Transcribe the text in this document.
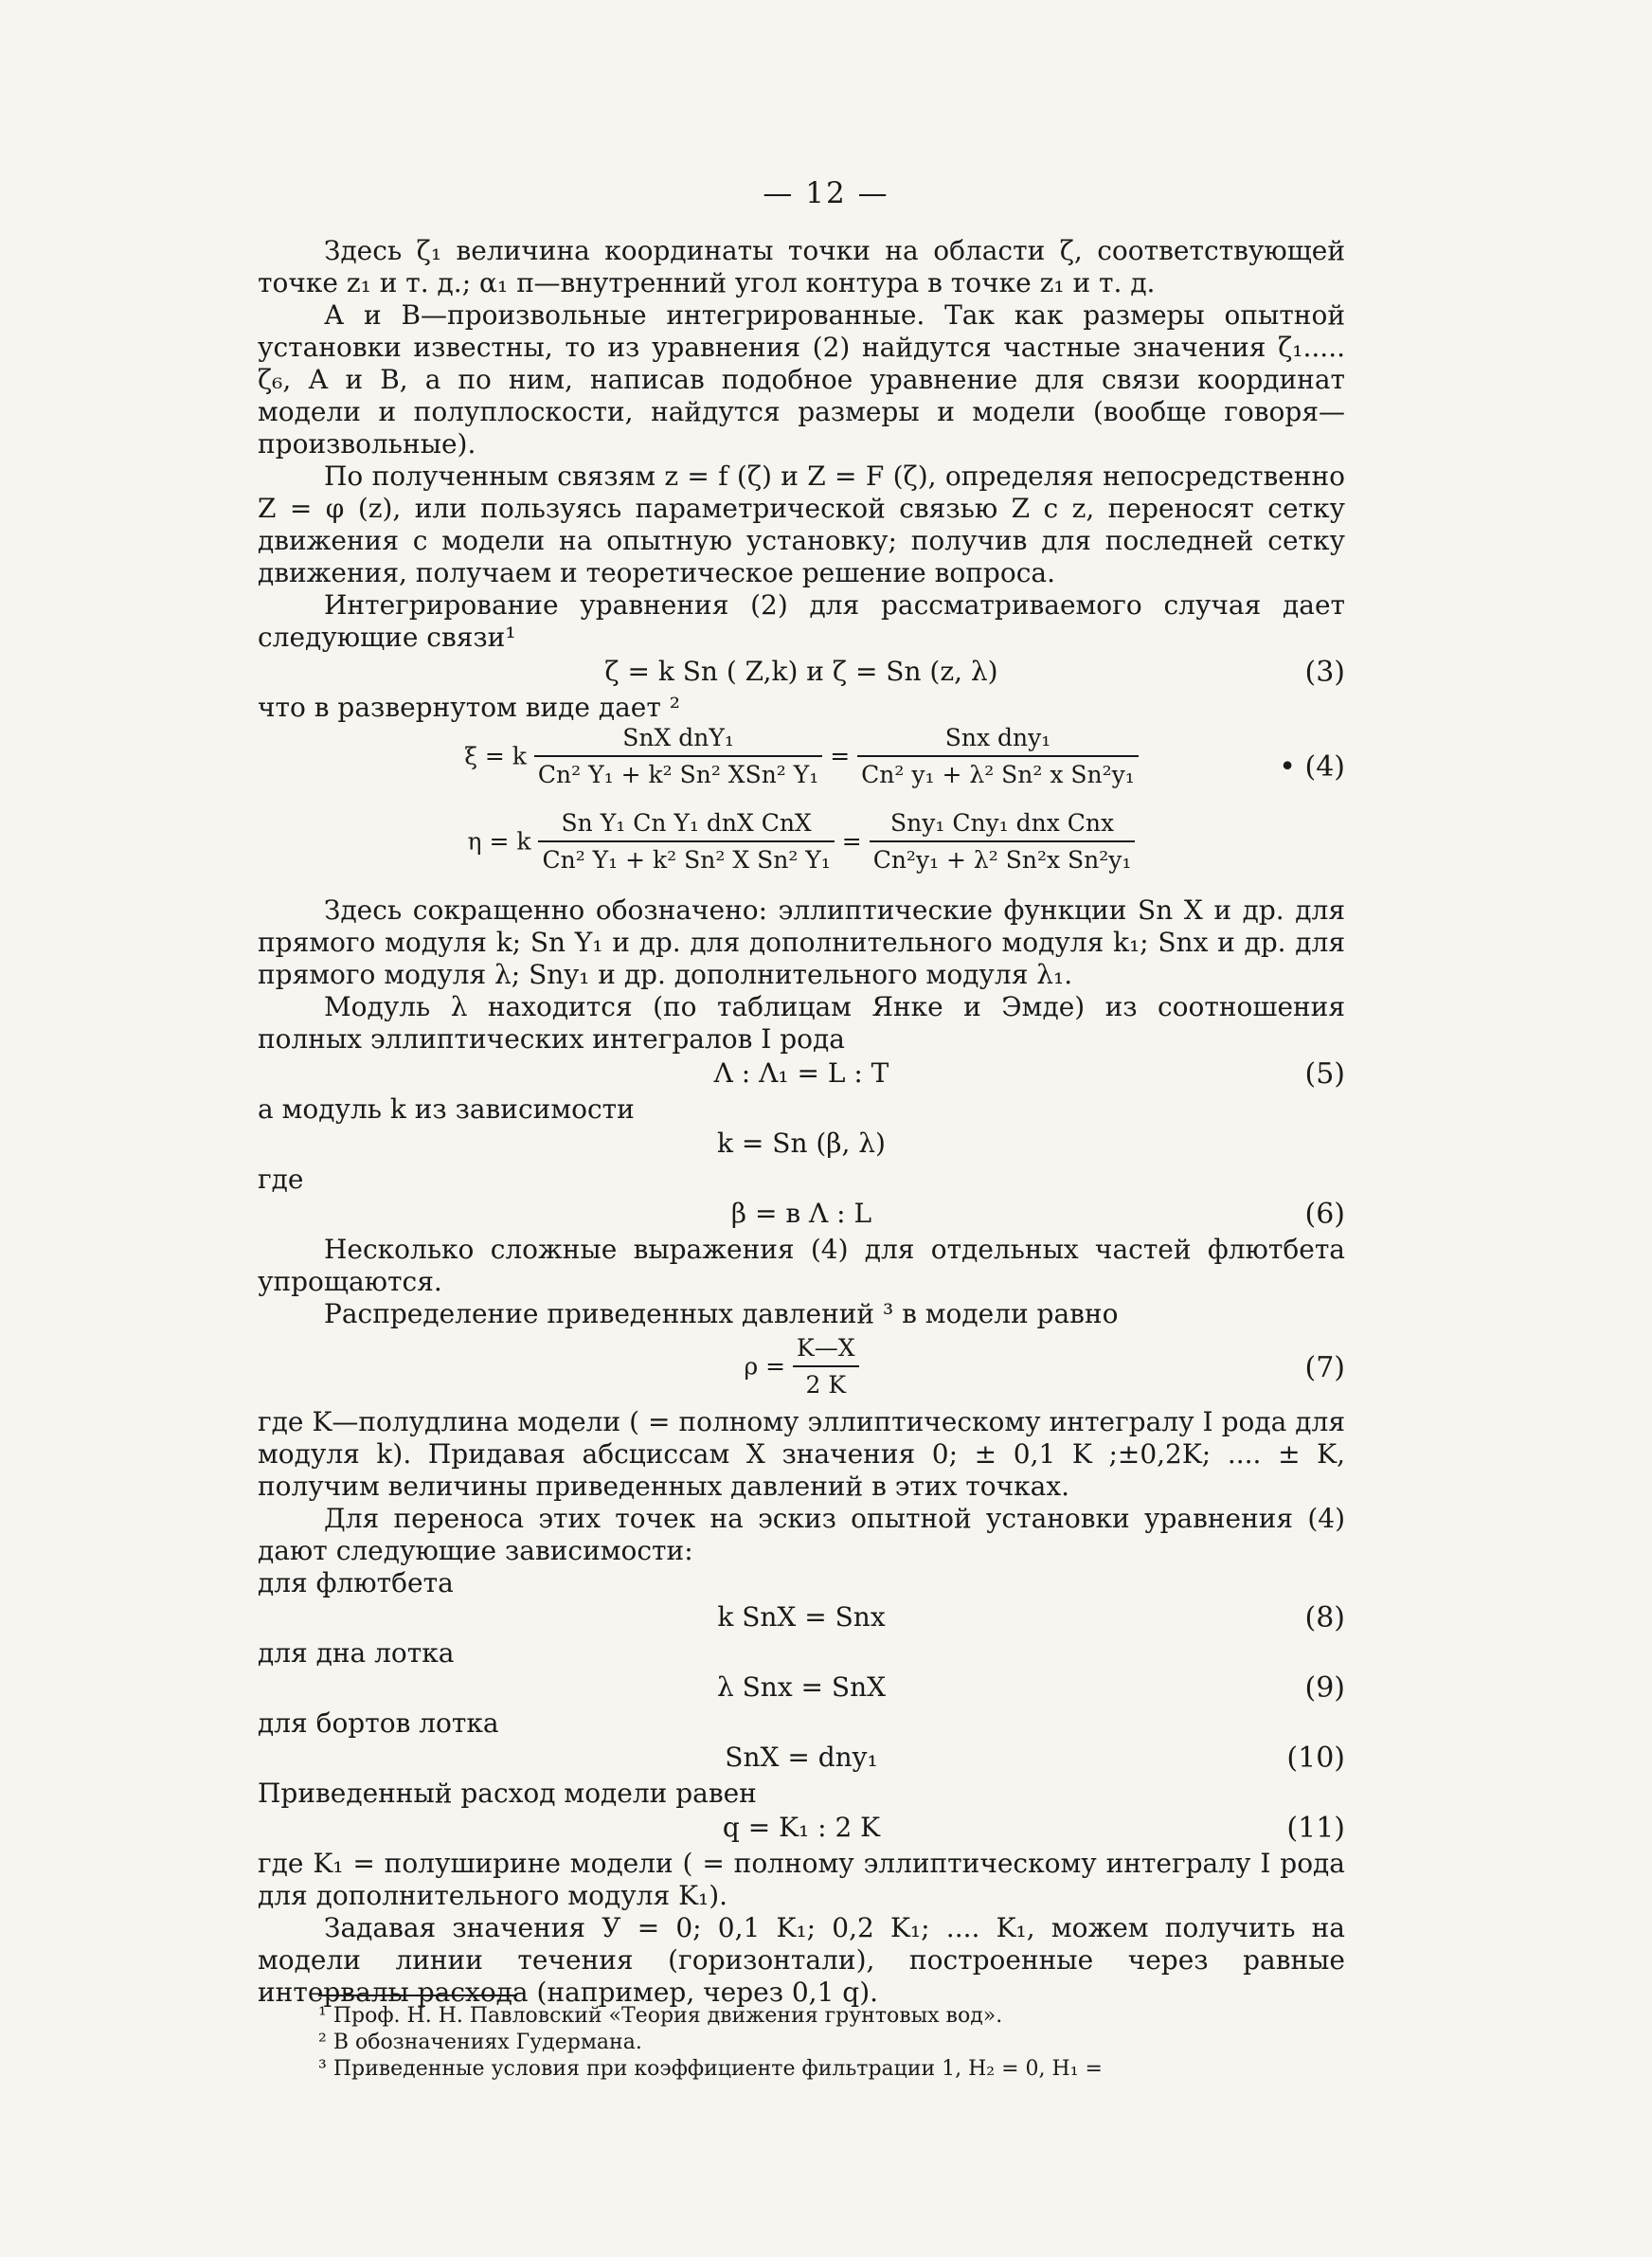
— 12 —

Здесь ζ₁ величина координаты точки на области ζ, соответствующей точке z₁ и т. д.; α₁ π—внутренний угол контура в точке z₁ и т. д.

А и В—произвольные интегрированные. Так как размеры опытной установки известны, то из уравнения (2) найдутся частные значения ζ₁..... ζ₆, А и В, а по ним, написав подобное уравнение для связи координат модели и полуплоскости, найдутся размеры и модели (вообще говоря—произвольные).

По полученным связям z = f (ζ) и Z = F (ζ), определяя непосредственно Z = φ (z), или пользуясь параметрической связью Z с z, переносят сетку движения с модели на опытную установку; получив для последней сетку движения, получаем и теоретическое решение вопроса.

Интегрирование уравнения (2) для рассматриваемого случая дает следующие связи¹

ζ = k Sn ( Z,k) и ζ = Sn (z, λ)	(3)

что в развернутом виде дает ²

ξ = k $\frac{\text{SnX dnY₁}}{\text{Cn² Y₁ + k² Sn² XSn² Y₁}} = \frac{\text{Snx dny₁}}{\text{Cn² y₁ + λ² Sn² x Sn²y₁}}$	• (4)
η = k $\frac{\text{Sn Y₁ Cn Y₁ dnX CnX}}{\text{Cn² Y₁ + k² Sn² X Sn² Y₁}} = \frac{\text{Sny₁ Cny₁ dnx Cnx}}{\text{Cn²y₁ + λ² Sn²x Sn²y₁}}$

Здесь сокращенно обозначено: эллиптические функции Sn X и др. для прямого модуля k; Sn Y₁ и др. для дополнительного модуля k₁; Snx и др. для прямого модуля λ; Sny₁ и др. дополнительного модуля λ₁.

Модуль λ находится (по таблицам Янке и Эмде) из соотношения полных эллиптических интегралов I рода

Λ : Λ₁ = L : T	(5)

а модуль k из зависимости

k = Sn (β, λ)

где

β = в Λ : L	(6)

Несколько сложные выражения (4) для отдельных частей флютбета упрощаются.

Распределение приведенных давлений ³ в модели равно

$\rho = \frac{K—X}{2 K}$	(7)

где K—полудлина модели ( = полному эллиптическому интегралу I рода для модуля k). Придавая абсциссам X значения 0; ± 0,1 K ;±0,2K; .... ± K, получим величины приведенных давлений в этих точках.

Для переноса этих точек на эскиз опытной установки уравнения (4) дают следующие зависимости:

для флютбета

k SnX = Snx	(8)

для дна лотка

λ Snx = SnX	(9)

для бортов лотка

SnX = dny₁	(10)

Приведенный расход модели равен

q = K₁ : 2 K	(11)

где K₁ = полуширине модели ( = полному эллиптическому интегралу I рода для дополнительного модуля K₁).

Задавая значения У = 0; 0,1 K₁; 0,2 K₁; .... K₁, можем получить на модели линии течения (горизонтали), построенные через равные интервалы расхода (например, через 0,1 q).

¹ Проф. Н. Н. Павловский «Теория движения грунтовых вод».
² В обозначениях Гудермана.
³ Приведенные условия при коэффициенте фильтрации 1, H₂ = 0, H₁ =
